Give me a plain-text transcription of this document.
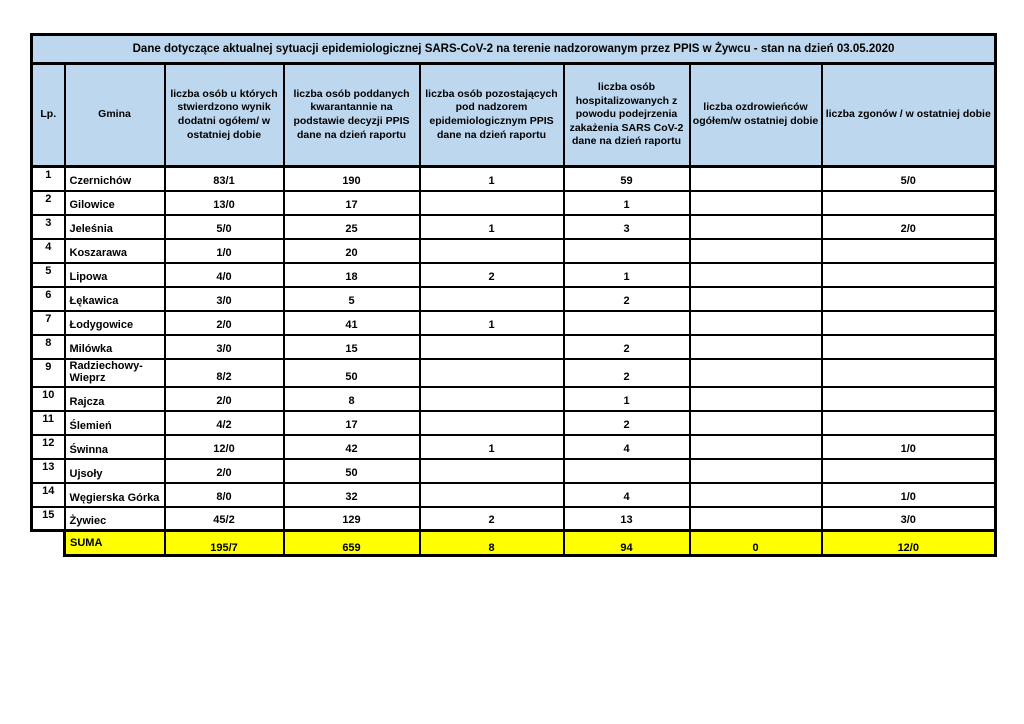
Dane dotyczące aktualnej sytuacji epidemiologicznej SARS-CoV-2 na terenie nadzorowanym przez PPIS w Żywcu - stan na dzień 03.05.2020							
Lp.	Gmina	liczba osób u których stwierdzono wynik dodatni ogółem/ w ostatniej dobie	liczba osób poddanych kwarantannie na podstawie decyzji PPIS dane na dzień raportu	liczba osób pozostających pod nadzorem epidemiologicznym PPIS dane na dzień raportu	liczba osób hospitalizowanych z powodu podejrzenia zakażenia SARS CoV-2 dane na dzień raportu	liczba ozdrowieńców ogółem/w ostatniej dobie	liczba zgonów / w ostatniej dobie
1	Czernichów	83/1	190	1	59		5/0
2	Gilowice	13/0	17		1		
3	Jeleśnia	5/0	25	1	3		2/0
4	Koszarawa	1/0	20				
5	Lipowa	4/0	18	2	1		
6	Łękawica	3/0	5		2		
7	Łodygowice	2/0	41	1			
8	Milówka	3/0	15		2		
9	Radziechowy-Wieprz	8/2	50		2		
10	Rajcza	2/0	8		1		
11	Ślemień	4/2	17		2		
12	Świnna	12/0	42	1	4		1/0
13	Ujsoły	2/0	50				
14	Węgierska Górka	8/0	32		4		1/0
15	Żywiec	45/2	129	2	13		3/0
	SUMA	195/7	659	8	94	0	12/0
